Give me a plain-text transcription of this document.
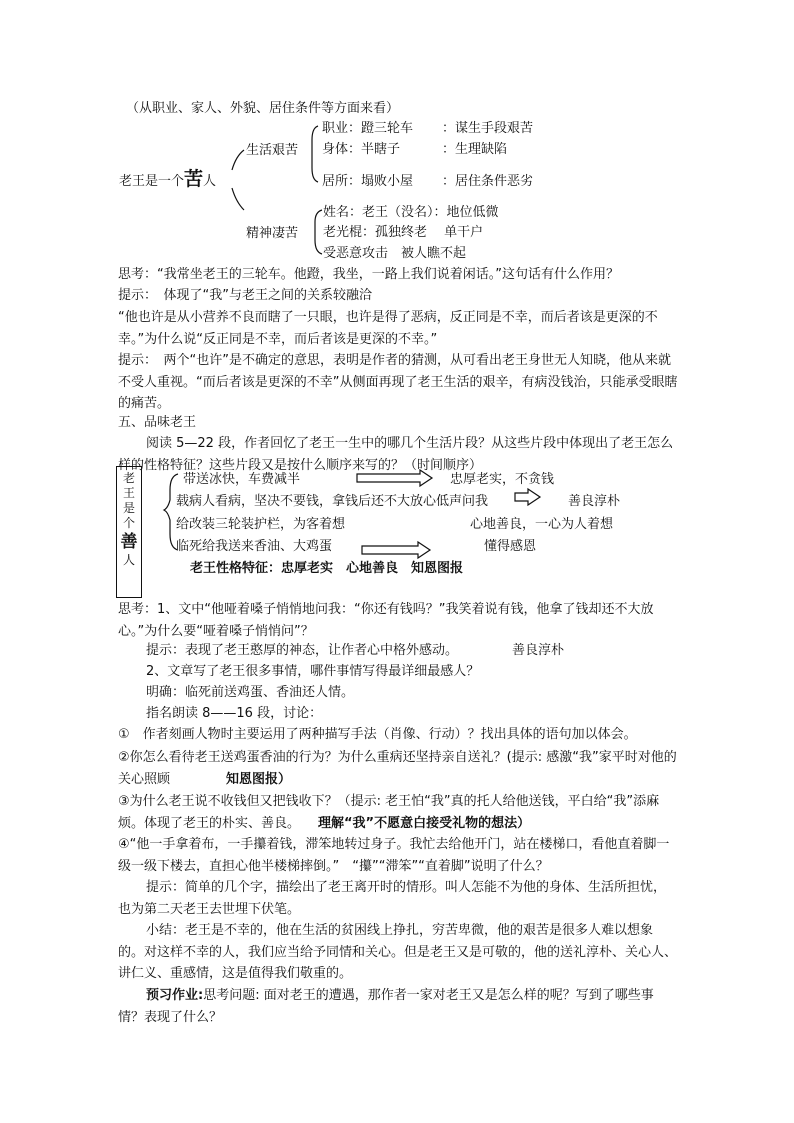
（从职业、家人、外貌、居住条件等方面来看）
老王是一个苦人
生活艰苦
精神凄苦
职业：蹬三轮车
身体：半瞎子
居所：塌败小屋
：谋生手段艰苦
：生理缺陷
：居住条件恶劣
姓名：老王（没名）：地位低微
老光棍：孤独终老　 单干户
受恶意攻击　被人瞧不起
思考：“我常坐老王的三轮车。他蹬，我坐，一路上我们说着闲话。”这句话有什么作用？
提示：　体现了“我”与老王之间的关系较融洽
“他也许是从小营养不良而瞎了一只眼，也许是得了恶病，反正同是不幸，而后者该是更深的不幸。”为什么说“反正同是不幸，而后者该是更深的不幸。”
提示：　两个“也许”是不确定的意思，表明是作者的猜测，从可看出老王身世无人知晓，他从来就不受人重视。“而后者该是更深的不幸”从侧面再现了老王生活的艰辛，有病没钱治，只能承受眼瞎的痛苦。
五、品味老王
阅读 5—22 段，作者回忆了老王一生中的哪几个生活片段？从这些片段中体现出了老王怎么样的性格特征？这些片段又是按什么顺序来写的？（时间顺序）
老王是个
善
人
带送冰快，车费减半
载病人看病，坚决不要钱，拿钱后还不大放心低声问我
给改装三轮装护栏，为客着想
临死给我送来香油、大鸡蛋
忠厚老实，不贪钱
善良淳朴
心地善良，一心为人着想
懂得感恩
老王性格特征：忠厚老实　心地善良　知恩图报
思考：1、文中“他哑着嗓子悄悄地问我：“你还有钱吗？”我笑着说有钱，他拿了钱却还不大放心。”为什么要“哑着嗓子悄悄问”？
提示：表现了老王憨厚的神态，让作者心中格外感动。	善良淳朴
2、文章写了老王很多事情，哪件事情写得最详细最感人？
明确：临死前送鸡蛋、香油还人情。
指名朗读 8——16 段，讨论：
①　作者刻画人物时主要运用了两种描写手法（肖像、行动）？找出具体的语句加以体会。
②你怎么看待老王送鸡蛋香油的行为？为什么重病还坚持亲自送礼？(提示: 感激“我”家平时对他的关心照顾	知恩图报）
③为什么老王说不收钱但又把钱收下？（提示: 老王怕“我”真的托人给他送钱，平白给“我”添麻烦。体现了老王的朴实、善良。 理解“我”不愿意白接受礼物的想法）
④“他一手拿着布，一手攥着钱，滞笨地转过身子。我忙去给他开门，站在楼梯口，看他直着脚一级一级下楼去，直担心他半楼梯摔倒。”　“攥”“滞笨”“直着脚”说明了什么？
提示：简单的几个字，描绘出了老王离开时的情形。叫人怎能不为他的身体、生活所担忧，也为第二天老王去世埋下伏笔。
小结：老王是不幸的，他在生活的贫困线上挣扎，穷苦卑微，他的艰苦是很多人难以想象的。对这样不幸的人，我们应当给予同情和关心。但是老王又是可敬的，他的送礼淳朴、关心人、讲仁义、重感情，这是值得我们敬重的。
预习作业:思考问题: 面对老王的遭遇，那作者一家对老王又是怎么样的呢？写到了哪些事情？表现了什么？
